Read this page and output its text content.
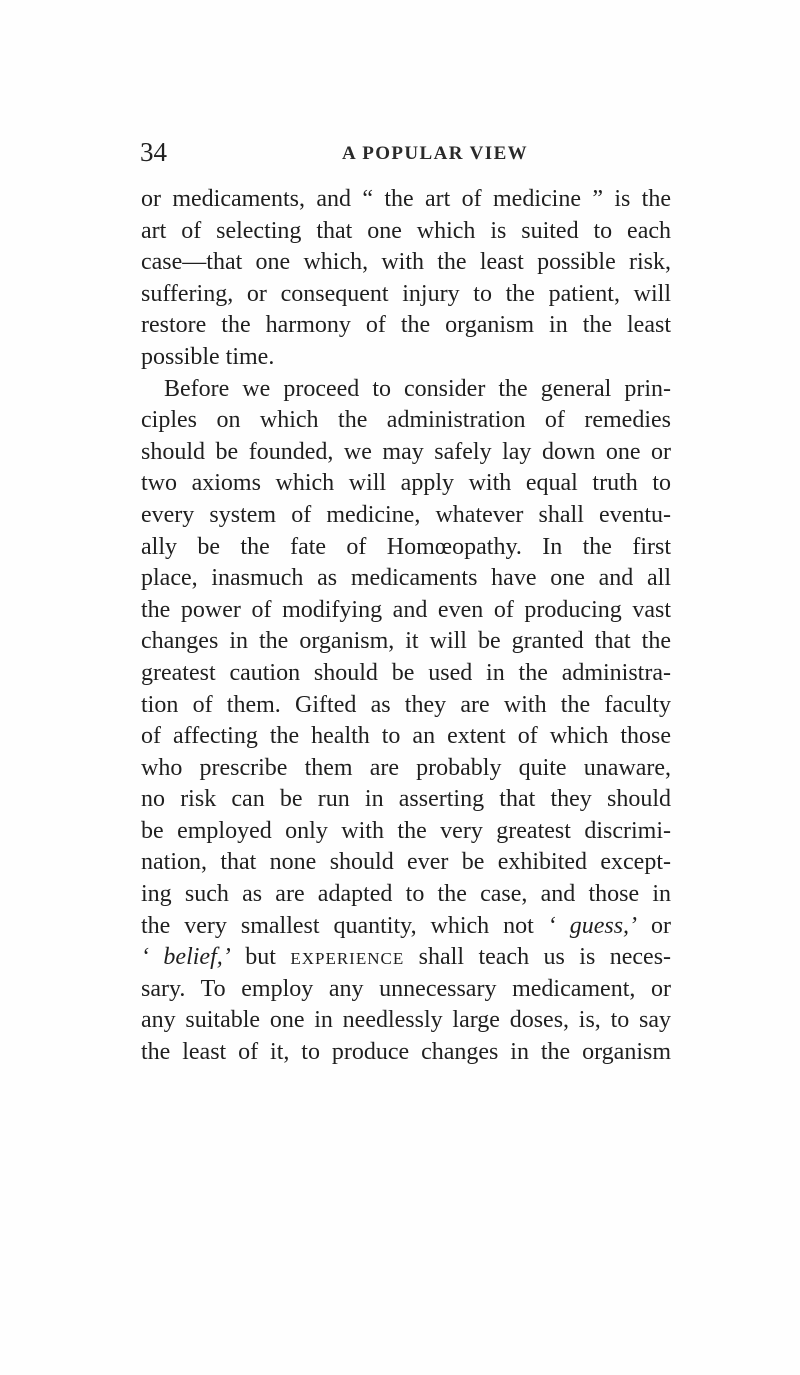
34	A POPULAR VIEW
or medicaments, and “ the art of medicine ” is the
art of selecting that one which is suited to each
case—that one which, with the least possible risk,
suffering, or consequent injury to the patient, will
restore the harmony of the organism in the least
possible time.
Before we proceed to consider the general prin-
ciples on which the administration of remedies
should be founded, we may safely lay down one or
two axioms which will apply with equal truth to
every system of medicine, whatever shall eventu-
ally be the fate of Homœopathy. In the first
place, inasmuch as medicaments have one and all
the power of modifying and even of producing vast
changes in the organism, it will be granted that the
greatest caution should be used in the administra-
tion of them. Gifted as they are with the faculty
of affecting the health to an extent of which those
who prescribe them are probably quite unaware,
no risk can be run in asserting that they should
be employed only with the very greatest discrimi-
nation, that none should ever be exhibited except-
ing such as are adapted to the case, and those in
the very smallest quantity, which not ‘ guess,’ or
‘ belief,’ but experience shall teach us is neces-
sary. To employ any unnecessary medicament, or
any suitable one in needlessly large doses, is, to say
the least of it, to produce changes in the organism
